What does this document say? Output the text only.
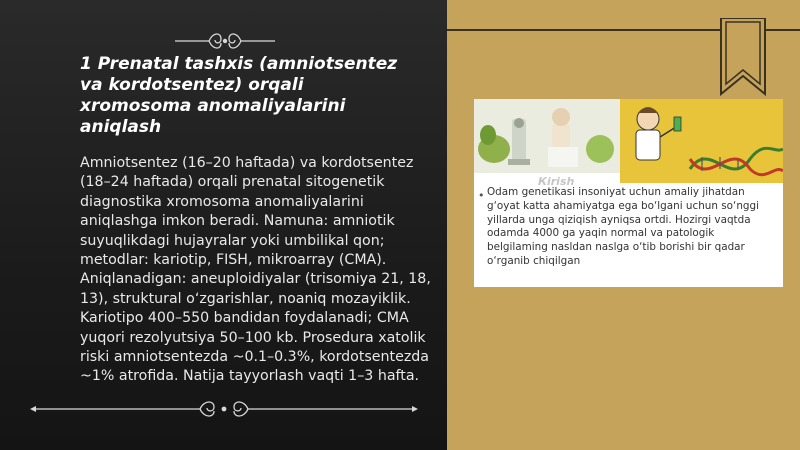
1 Prenatal tashxis (amniotsentez va kordotsentez) orqali xromosoma anomaliyalarini aniqlash

Amniotsentez (16–20 haftada) va kordotsentez (18–24 haftada) orqali prenatal sitogenetik diagnostika xromosoma anomaliyalarini aniqlashga imkon beradi. Namuna: amniotik suyuqlikdagi hujayralar yoki umbilikal qon; metodlar: kariotip, FISH, mikroarray (CMA). Aniqlanadigan: aneuploidiyalar (trisomiya 21, 18, 13), struktural o‘zgarishlar, noaniq mozayiklik. Kariotipo 400–550 bandidan foydalanadi; CMA yuqori rezolyutsiya 50–100 kb. Prosedura xatolik riski amniotsentezda ~0.1–0.3%, kordotsentezda ~1% atrofida. Natija tayyorlash vaqti 1–3 hafta.

Кirish
• Odam genetikasi insoniyat uchun amaliy jihatdan g‘oyat katta ahamiyatga ega bo‘lgani uchun so‘nggi yillarda unga qiziqish ayniqsa ortdi. Hozirgi vaqtda odamda 4000 ga yaqin normal va patologik belgilaming nasldan naslga o‘tib borishi bir qadar o‘rganib chiqilgan
